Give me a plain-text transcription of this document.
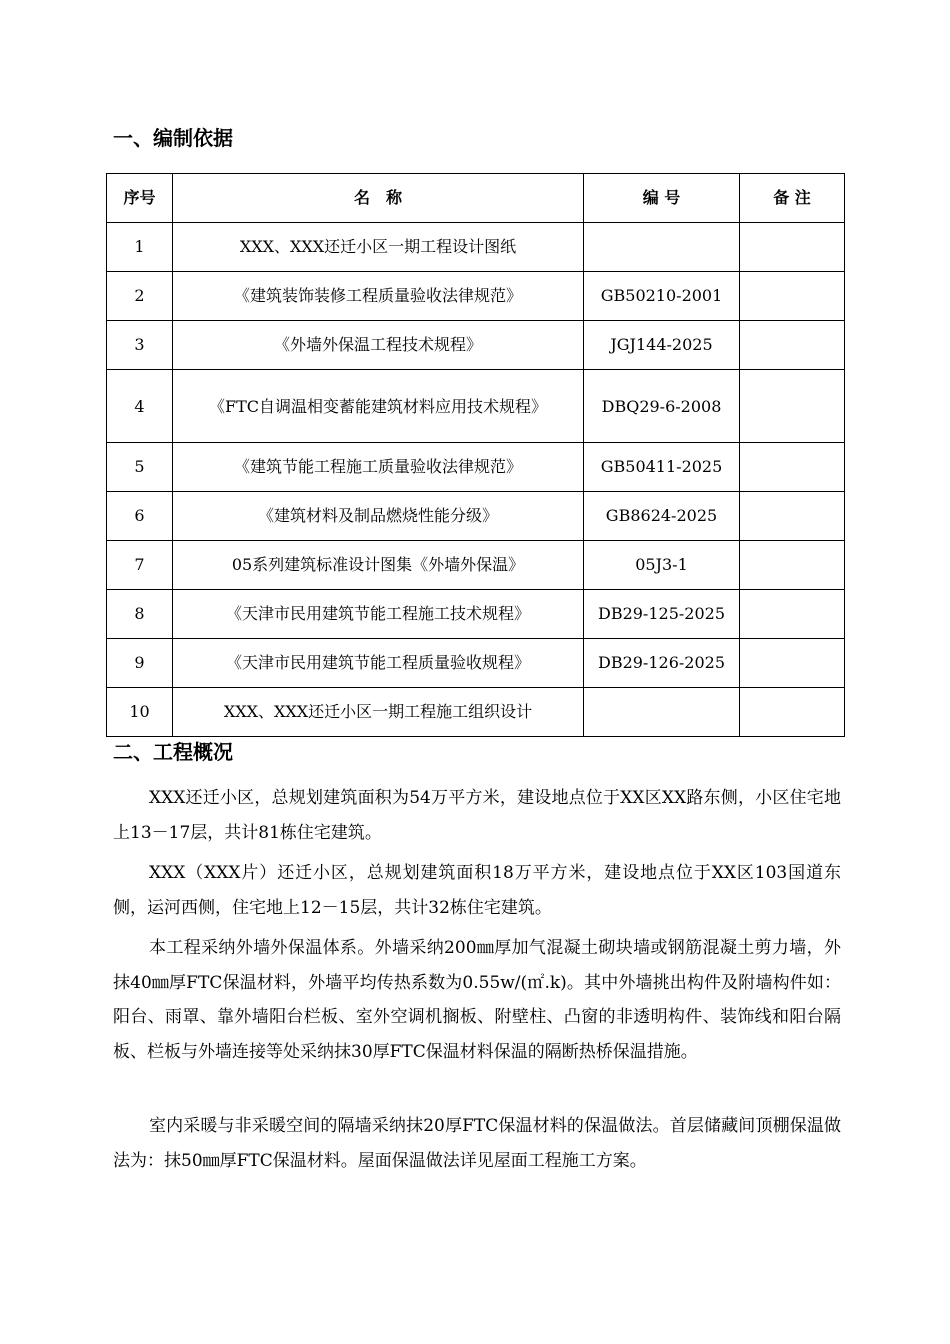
一、编制依据
序号	名　称	编 号	备 注
1	XXX、XXX还迁小区一期工程设计图纸		
2	《建筑装饰装修工程质量验收法律规范》	GB50210-2001	
3	《外墙外保温工程技术规程》	JGJ144-2025	
4	《FTC自调温相变蓄能建筑材料应用技术规程》	DBQ29-6-2008	
5	《建筑节能工程施工质量验收法律规范》	GB50411-2025	
6	《建筑材料及制品燃烧性能分级》	GB8624-2025	
7	05系列建筑标准设计图集《外墙外保温》	05J3-1	
8	《天津市民用建筑节能工程施工技术规程》	DB29-125-2025	
9	《天津市民用建筑节能工程质量验收规程》	DB29-126-2025	
10	XXX、XXX还迁小区一期工程施工组织设计		
二、工程概况

XXX还迁小区，总规划建筑面积为54万平方米，建设地点位于XX区XX路东侧，小区住宅地上13－17层，共计81栋住宅建筑。

XXX（XXX片）还迁小区，总规划建筑面积18万平方米，建设地点位于XX区103国道东侧，运河西侧，住宅地上12－15层，共计32栋住宅建筑。

本工程采纳外墙外保温体系。外墙采纳200㎜厚加气混凝土砌块墙或钢筋混凝土剪力墙，外抹40㎜厚FTC保温材料，外墙平均传热系数为0.55w/(㎡.k)。其中外墙挑出构件及附墙构件如：阳台、雨罩、靠外墙阳台栏板、室外空调机搁板、附壁柱、凸窗的非透明构件、装饰线和阳台隔板、栏板与外墙连接等处采纳抹30厚FTC保温材料保温的隔断热桥保温措施。

室内采暖与非采暖空间的隔墙采纳抹20厚FTC保温材料的保温做法。首层储藏间顶棚保温做法为：抹50㎜厚FTC保温材料。屋面保温做法详见屋面工程施工方案。
